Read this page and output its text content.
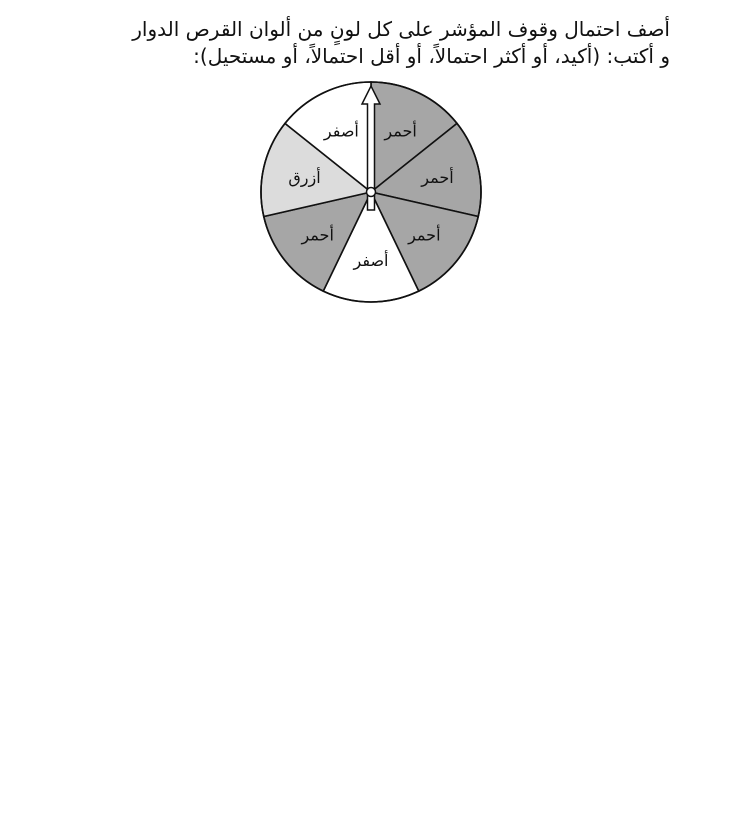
أصف احتمال وقوف المؤشر على كل لونٍ من ألوان القرص الدوار
و أكتب: (أكيد، أو أكثر احتمالاً، أو أقل احتمالاً، أو مستحيل):
أحمر
أحمر
أحمر
أصفر
أحمر
أزرق
أصفر
